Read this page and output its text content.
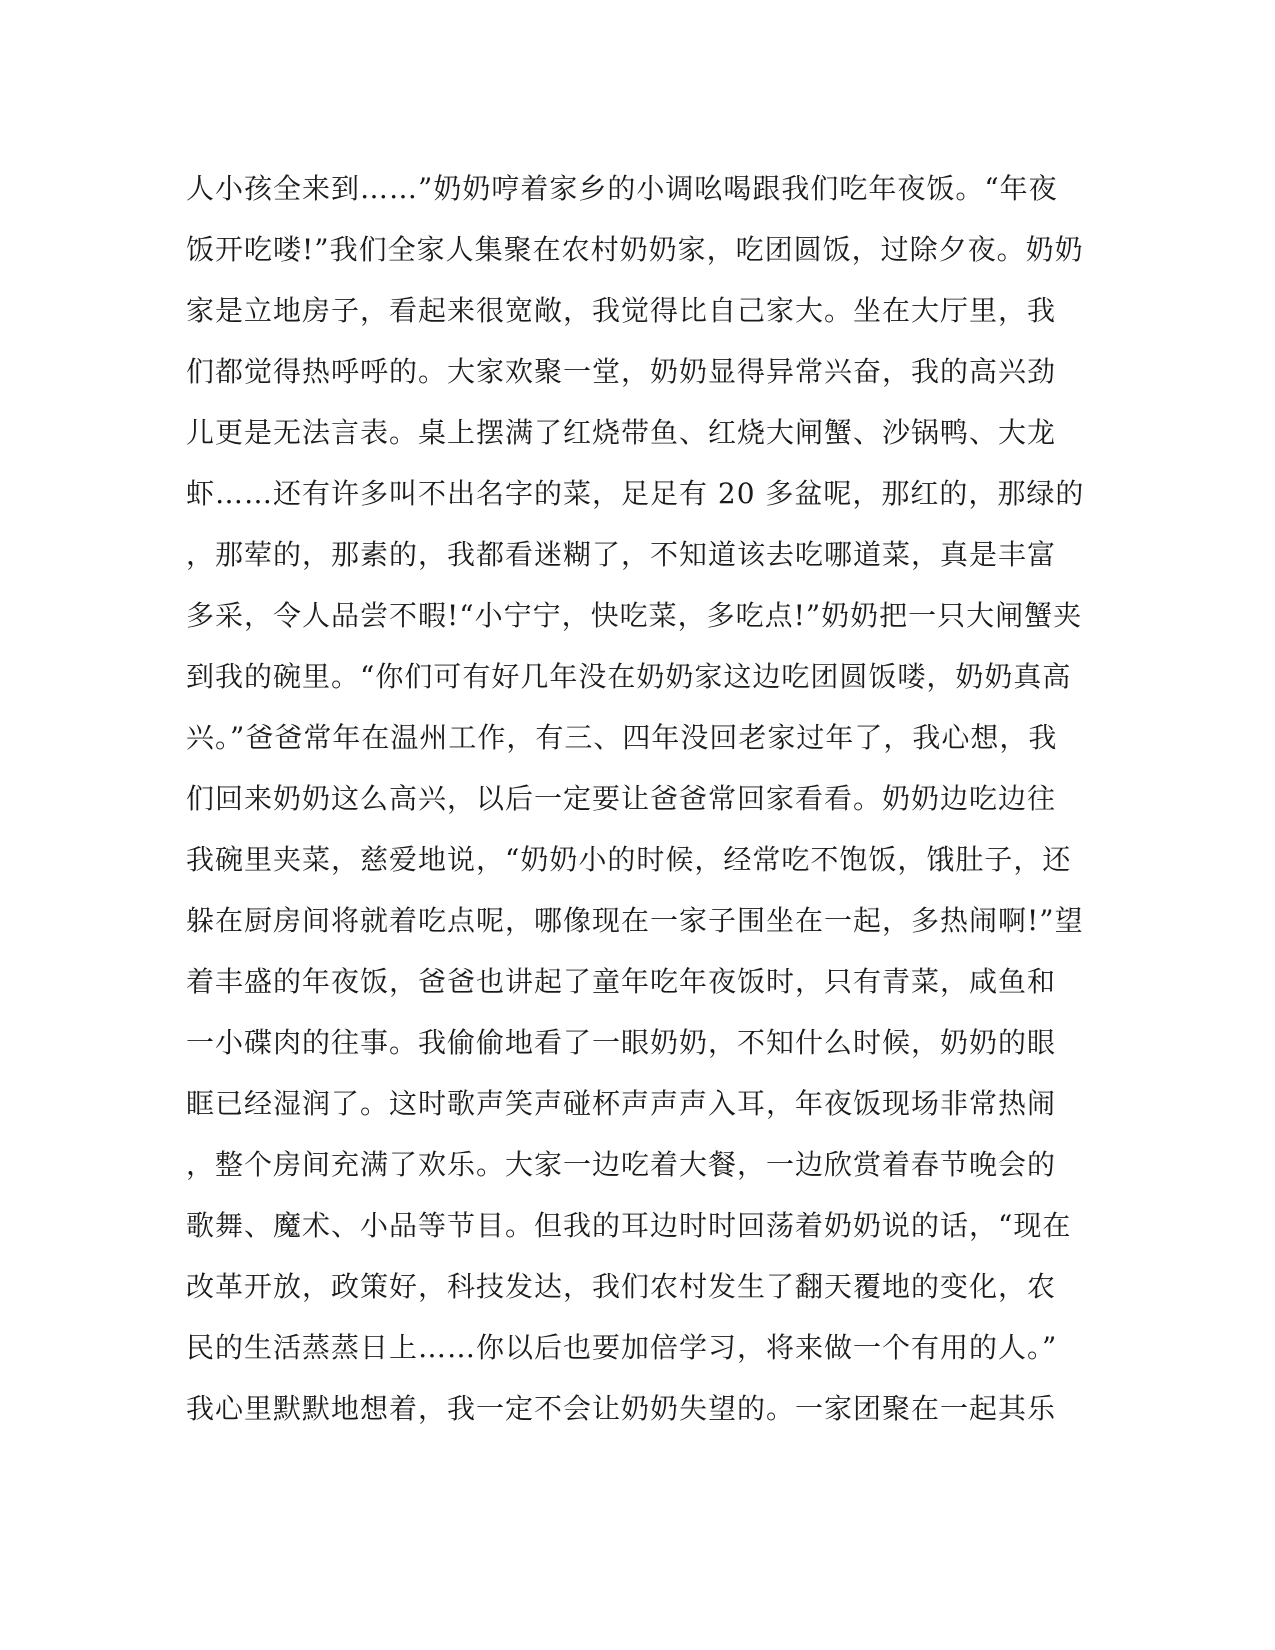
人小孩全来到……”奶奶哼着家乡的小调吆喝跟我们吃年夜饭。“年夜
饭开吃喽!”我们全家人集聚在农村奶奶家，吃团圆饭，过除夕夜。奶奶
家是立地房子，看起来很宽敞，我觉得比自己家大。坐在大厅里，我
们都觉得热呼呼的。大家欢聚一堂，奶奶显得异常兴奋，我的高兴劲
儿更是无法言表。桌上摆满了红烧带鱼、红烧大闸蟹、沙锅鸭、大龙
虾……还有许多叫不出名字的菜，足足有 20 多盆呢，那红的，那绿的
，那荤的，那素的，我都看迷糊了，不知道该去吃哪道菜，真是丰富
多采，令人品尝不暇!“小宁宁，快吃菜，多吃点!”奶奶把一只大闸蟹夹
到我的碗里。“你们可有好几年没在奶奶家这边吃团圆饭喽，奶奶真高
兴。”爸爸常年在温州工作，有三、四年没回老家过年了，我心想，我
们回来奶奶这么高兴，以后一定要让爸爸常回家看看。奶奶边吃边往
我碗里夹菜，慈爱地说，“奶奶小的时候，经常吃不饱饭，饿肚子，还
躲在厨房间将就着吃点呢，哪像现在一家子围坐在一起，多热闹啊!”望
着丰盛的年夜饭，爸爸也讲起了童年吃年夜饭时，只有青菜，咸鱼和
一小碟肉的往事。我偷偷地看了一眼奶奶，不知什么时候，奶奶的眼
眶已经湿润了。这时歌声笑声碰杯声声声入耳，年夜饭现场非常热闹
，整个房间充满了欢乐。大家一边吃着大餐，一边欣赏着春节晚会的
歌舞、魔术、小品等节目。但我的耳边时时回荡着奶奶说的话，“现在
改革开放，政策好，科技发达，我们农村发生了翻天覆地的变化，农
民的生活蒸蒸日上……你以后也要加倍学习，将来做一个有用的人。”
我心里默默地想着，我一定不会让奶奶失望的。一家团聚在一起其乐
